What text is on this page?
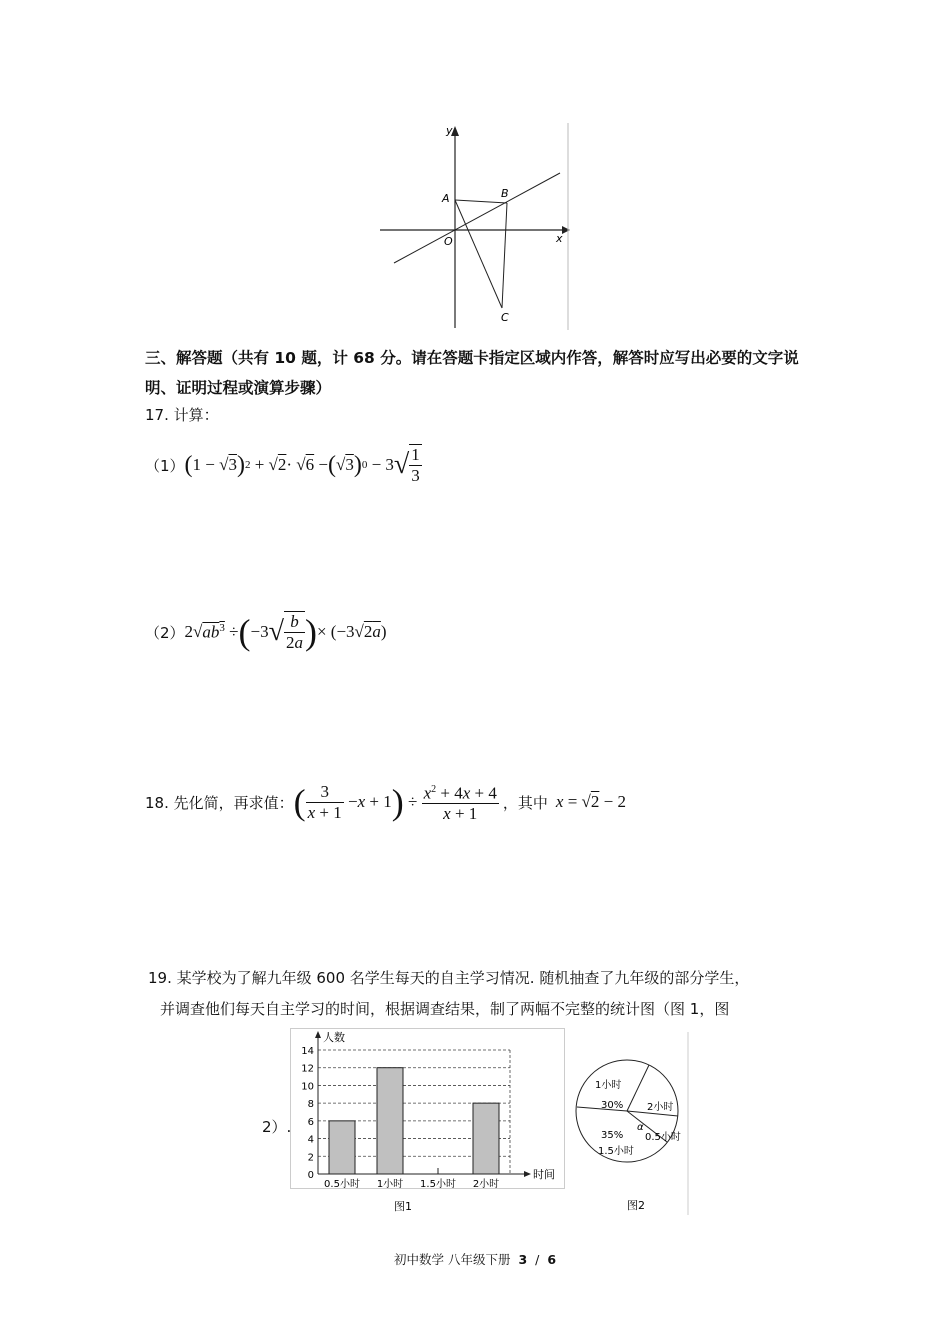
y
x
A	B
O
C
三、解答题（共有 10 题，计 68 分。请在答题卡指定区域内作答，解答时应写出必要的文字说明、证明过程或演算步骤）
17. 计算：
（1） ( 1 − √ 3 ) 2 + √ 2 · √ 6 − ( √ 3 ) 0 − 3 √ $\frac{1}{3}$
（2） 2√ $ab^3$ ÷ ( −3 √ $\frac{b}{2a}$ ) × (−3√ 2a )
18. 先化简，再求值： ( $\frac{3}{x + 1} - x + 1$ ) ÷ $\frac{x^2 + 4x + 4}{x + 1}$ ，其中 x = √2 − 2
19. 某学校为了解九年级 600 名学生每天的自主学习情况. 随机抽查了九年级的部分学生，
并调查他们每天自主学习的时间，根据调查结果，制了两幅不完整的统计图（图 1，图
2）.
0
2
4
6
8
10
12
14
0.5小时 1小时 1.5小时 2小时
人数
时间
图1
1小时
30% 2小时
0.5小时
35%
1.5小时
α
图2
初中数学 八年级下册 3 / 6
